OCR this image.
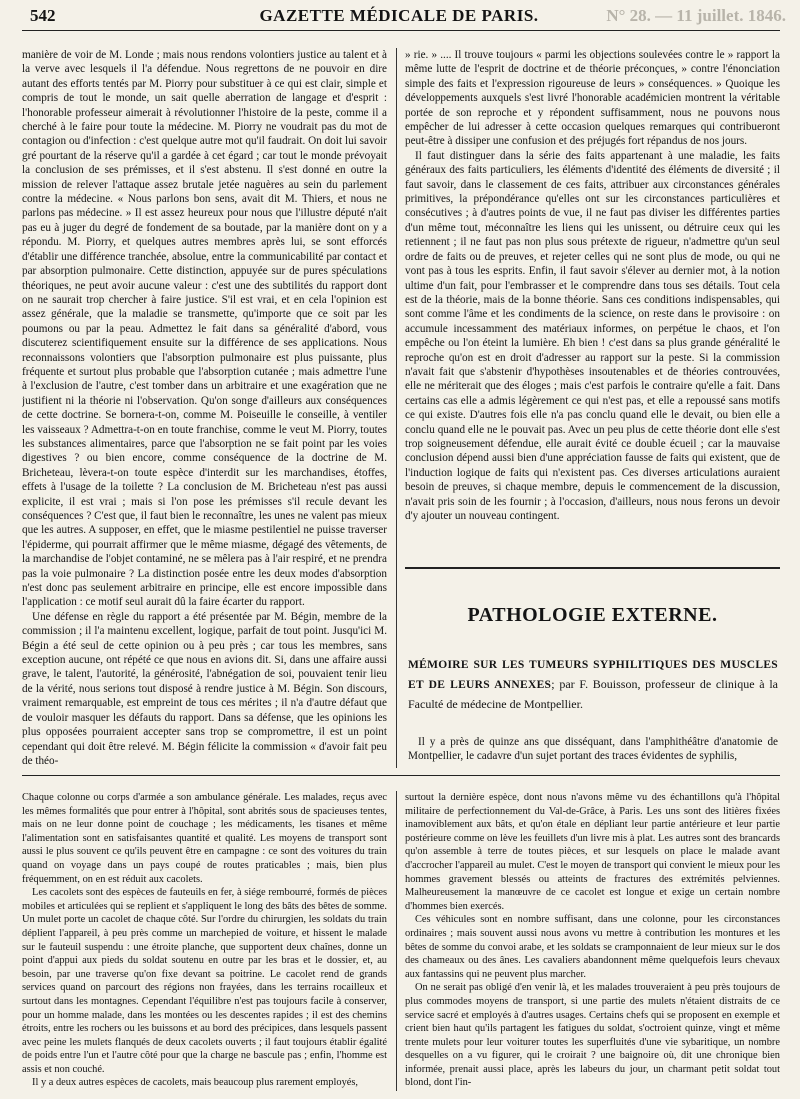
542	GAZETTE MÉDICALE DE PARIS.	N° 28. — 11 juillet. 1846.

manière de voir de M. Londe ; mais nous rendons volontiers justice au talent et à la verve avec lesquels il l'a défendue. Nous regrettons de ne pouvoir en dire autant des efforts tentés par M. Piorry pour substituer à ce qui est clair, simple et compris de tout le monde, un sait quelle aberration de langage et d'esprit : l'honorable professeur aimerait à révolutionner l'histoire de la peste, comme il a cherché à le faire pour toute la médecine. M. Piorry ne voudrait pas du mot de contagion ou d'infection : c'est quelque autre mot qu'il faudrait. On doit lui savoir gré pourtant de la réserve qu'il a gardée à cet égard ; car tout le monde prévoyait la conclusion de ses prémisses, et il s'est abstenu. Il s'est donné en outre la mission de relever l'attaque assez brutale jetée naguères au sein du parlement contre la médecine. « Nous parlons bon sens, avait dit M. Thiers, et nous ne parlons pas médecine. » Il est assez heureux pour nous que l'illustre député n'ait pas eu à juger du degré de fondement de sa boutade, par la manière dont on y a répondu. M. Piorry, et quelques autres membres après lui, se sont efforcés d'établir une différence tranchée, absolue, entre la communicabilité par contact et par absorption pulmonaire. Cette distinction, appuyée sur de pures spéculations théoriques, ne peut avoir aucune valeur : c'est une des subtilités du rapport dont on ne saurait trop chercher à faire justice. S'il est vrai, et en cela l'opinion est assez générale, que la maladie se transmette, qu'importe que ce soit par les poumons ou par la peau. Admettez le fait dans sa généralité d'abord, vous discuterez scientifiquement ensuite sur la différence de ses applications. Nous reconnaissons volontiers que l'absorption pulmonaire est plus puissante, plus fréquente et surtout plus probable que l'absorption cutanée ; mais admettre l'une à l'exclusion de l'autre, c'est tomber dans un arbitraire et une exagération que ne justifient ni la théorie ni l'observation. Qu'on songe d'ailleurs aux conséquences de cette doctrine. Se bornera-t-on, comme M. Poiseuille le conseille, à ventiler les vaisseaux ? Admettra-t-on en toute franchise, comme le veut M. Piorry, toutes les substances alimentaires, parce que l'absorption ne se fait point par les voies digestives ? ou bien encore, comme conséquence de la doctrine de M. Bricheteau, lèvera-t-on toute espèce d'interdit sur les marchandises, étoffes, effets à l'usage de la toilette ? La conclusion de M. Bricheteau n'est pas aussi explicite, il est vrai ; mais si l'on pose les prémisses s'il recule devant les conséquences ? C'est que, il faut bien le reconnaître, les unes ne valent pas mieux que les autres. A supposer, en effet, que le miasme pestilentiel ne puisse traverser l'épiderme, qui pourrait affirmer que le même miasme, dégagé des vêtements, de la marchandise de l'objet contaminé, ne se mêlera pas à l'air respiré, et ne prendra pas la voie pulmonaire ? La distinction posée entre les deux modes d'absorption n'est donc pas seulement arbitraire en principe, elle est encore impossible dans l'application : ce motif seul aurait dû la faire écarter du rapport.

Une défense en règle du rapport a été présentée par M. Bégin, membre de la commission ; il l'a maintenu excellent, logique, parfait de tout point. Jusqu'ici M. Bégin a été seul de cette opinion ou à peu près ; car tous les membres, sans exception aucune, ont répété ce que nous en avions dit. Si, dans une affaire aussi grave, le talent, l'autorité, la générosité, l'abnégation de soi, pouvaient tenir lieu de la vérité, nous serions tout disposé à rendre justice à M. Bégin. Son discours, vraiment remarquable, est empreint de tous ces mérites ; il n'a d'autre défaut que de vouloir masquer les défauts du rapport. Dans sa défense, que les opinions les plus opposées pourraient accepter sans trop se compromettre, il est un point cependant qui doit être relevé. M. Bégin félicite la commission « d'avoir fait peu de théo-

» rie. » .... Il trouve toujours « parmi les objections soulevées contre le » rapport la même lutte de l'esprit de doctrine et de théorie préconçues, » contre l'énonciation simple des faits et l'expression rigoureuse de leurs » conséquences. » Quoique les développements auxquels s'est livré l'honorable académicien montrent la véritable portée de son reproche et y répondent suffisamment, nous ne pouvons nous empêcher de lui adresser à cette occasion quelques remarques qui contribueront peut-être à dissiper une confusion et des préjugés fort répandus de nos jours.

Il faut distinguer dans la série des faits appartenant à une maladie, les faits généraux des faits particuliers, les éléments d'identité des éléments de diversité ; il faut savoir, dans le classement de ces faits, attribuer aux circonstances générales primitives, la prépondérance qu'elles ont sur les circonstances particulières et consécutives ; à d'autres points de vue, il ne faut pas diviser les différentes parties d'un même tout, méconnaître les liens qui les unissent, ou détruire ceux qui les retiennent ; il ne faut pas non plus sous prétexte de rigueur, n'admettre qu'un seul ordre de faits ou de preuves, et rejeter celles qui ne sont plus de mode, ou qui ne vont pas à tous les esprits. Enfin, il faut savoir s'élever au dernier mot, à la notion ultime d'un fait, pour l'embrasser et le comprendre dans tous ses détails. Tout cela est de la théorie, mais de la bonne théorie. Sans ces conditions indispensables, qui sont comme l'âme et les condiments de la science, on reste dans le provisoire : on accumule incessamment des matériaux informes, on perpétue le chaos, et l'on empêche ou l'on éteint la lumière. Eh bien ! c'est dans sa plus grande généralité le reproche qu'on est en droit d'adresser au rapport sur la peste. Si la commission n'avait fait que s'abstenir d'hypothèses insoutenables et de théories controuvées, elle ne mériterait que des éloges ; mais c'est parfois le contraire qu'elle a fait. Dans certains cas elle a admis légèrement ce qui n'est pas, et elle a repoussé sans motifs ce qui existe. D'autres fois elle n'a pas conclu quand elle le devait, ou bien elle a conclu quand elle ne le pouvait pas. Avec un peu plus de cette théorie dont elle s'est trop soigneusement défendue, elle aurait évité ce double écueil ; car la mauvaise conclusion dépend aussi bien d'une appréciation fausse de faits qui existent, que de l'induction logique de faits qui n'existent pas. Ces diverses articulations auraient besoin de preuves, si chaque membre, depuis le commencement de la discussion, n'avait pris soin de les fournir ; à l'occasion, d'ailleurs, nous nous ferons un devoir d'y ajouter un nouveau contingent.

PATHOLOGIE EXTERNE.
MÉMOIRE SUR LES TUMEURS SYPHILITIQUES DES MUSCLES ET DE LEURS ANNEXES; par F. Bouisson, professeur de clinique à la Faculté de médecine de Montpellier.
Il y a près de quinze ans que disséquant, dans l'amphithéâtre d'anatomie de Montpellier, le cadavre d'un sujet portant des traces évidentes de syphilis,

Chaque colonne ou corps d'armée a son ambulance générale. Les malades, reçus avec les mêmes formalités que pour entrer à l'hôpital, sont abrités sous de spacieuses tentes, mais on ne leur donne point de couchage ; les médicaments, les tisanes et même l'alimentation sont en satisfaisantes quantité et qualité. Les moyens de transport sont aussi le plus souvent ce qu'ils peuvent être en campagne : ce sont des voitures du train quand on voyage dans un pays coupé de routes praticables ; mais, bien plus fréquemment, on en est réduit aux cacolets.

Les cacolets sont des espèces de fauteuils en fer, à siége rembourré, formés de pièces mobiles et articulées qui se replient et s'appliquent le long des bâts des bêtes de somme. Un mulet porte un cacolet de chaque côté. Sur l'ordre du chirurgien, les soldats du train déplient l'appareil, à peu près comme un marchepied de voiture, et hissent le malade sur le fauteuil suspendu : une étroite planche, que supportent deux chaînes, donne un point d'appui aux pieds du soldat soutenu en outre par les bras et le dossier, et, au besoin, par une traverse qu'on fixe devant sa poitrine. Le cacolet rend de grands services quand on parcourt des régions non frayées, dans les terrains rocailleux et surtout dans les montagnes. Cependant l'équilibre n'est pas toujours facile à conserver, pour un homme malade, dans les montées ou les descentes rapides ; il est des chemins étroits, entre les rochers ou les buissons et au bord des précipices, dans lesquels passent avec peine les mulets flanqués de deux cacolets ouverts ; il faut toujours établir égalité de poids entre l'un et l'autre côté pour que la charge ne bascule pas ; enfin, l'homme est assis et non couché.

Il y a deux autres espèces de cacolets, mais beaucoup plus rarement employés,

surtout la dernière espèce, dont nous n'avons même vu des échantillons qu'à l'hôpital militaire de perfectionnement du Val-de-Grâce, à Paris. Les uns sont des litières fixées inamoviblement aux bâts, et qu'on étale en dépliant leur partie antérieure et leur partie postérieure comme on lève les feuillets d'un livre mis à plat. Les autres sont des brancards qu'on assemble à terre de toutes pièces, et sur lesquels on place le malade avant d'accrocher l'appareil au mulet. C'est le moyen de transport qui convient le mieux pour les hommes gravement blessés ou atteints de fractures des extrémités pelviennes. Malheureusement la manœuvre de ce cacolet est longue et exige un certain nombre d'hommes bien exercés.

Ces véhicules sont en nombre suffisant, dans une colonne, pour les circonstances ordinaires ; mais souvent aussi nous avons vu mettre à contribution les montures et les bêtes de somme du convoi arabe, et les soldats se cramponnaient de leur mieux sur le dos des chameaux ou des ânes. Les cavaliers abandonnent même quelquefois leurs chevaux aux fantassins qui ne peuvent plus marcher.

On ne serait pas obligé d'en venir là, et les malades trouveraient à peu près toujours de plus commodes moyens de transport, si une partie des mulets n'étaient distraits de ce service sacré et employés à d'autres usages. Certains chefs qui se proposent en exemple et crient bien haut qu'ils partagent les fatigues du soldat, s'octroient quinze, vingt et même trente mulets pour leur voiturer toutes les superfluités d'une vie sybaritique, un nombre desquelles on a vu figurer, qui le croirait ? une baignoire où, dit une chronique bien informée, prenait aussi place, après les labeurs du jour, un charmant petit soldat tout blond, dont l'in-
